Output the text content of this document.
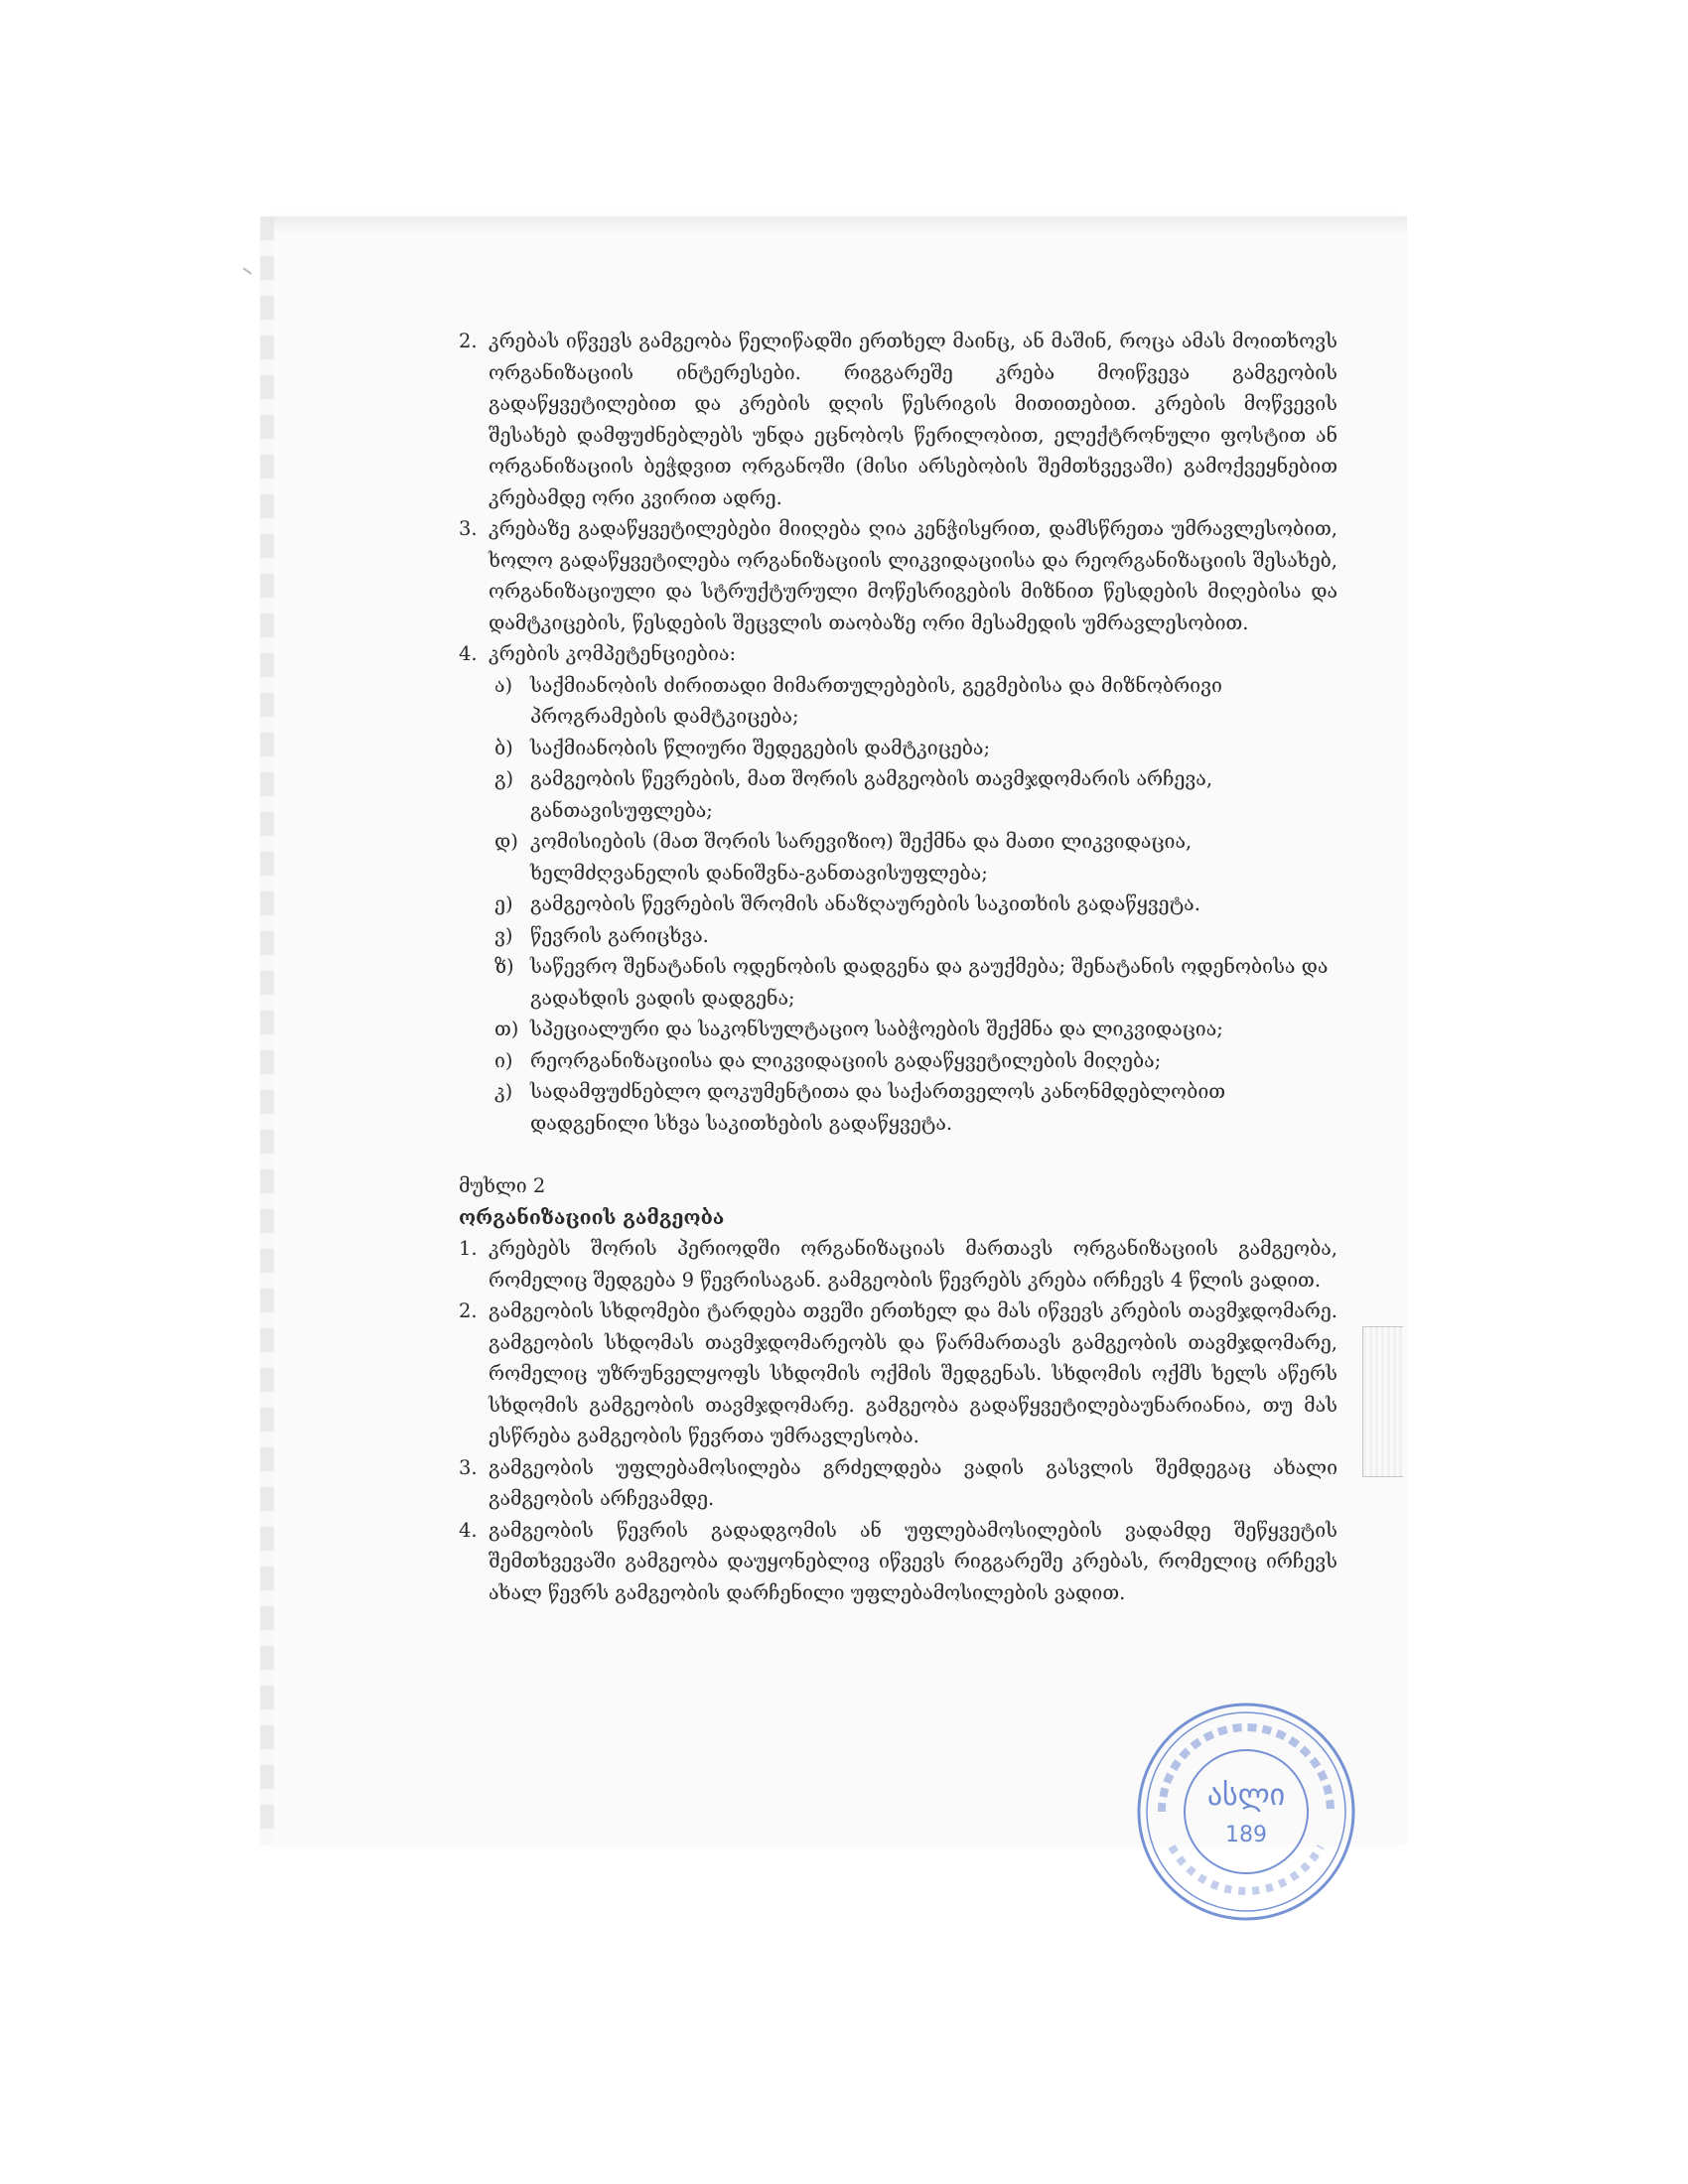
2. კრებას იწვევს გამგეობა წელიწადში ერთხელ მაინც, ან მაშინ, როცა ამას მოითხოვს ორგანიზაციის ინტერესები. რიგგარეშე კრება მოიწვევა გამგეობის გადაწყვეტილებით და კრების დღის წესრიგის მითითებით. კრების მოწვევის შესახებ დამფუძნებლებს უნდა ეცნობოს წერილობით, ელექტრონული ფოსტით ან ორგანიზაციის ბეჭდვით ორგანოში (მისი არსებობის შემთხვევაში) გამოქვეყნებით კრებამდე ორი კვირით ადრე.
3. კრებაზე გადაწყვეტილებები მიიღება ღია კენჭისყრით, დამსწრეთა უმრავლესობით, ხოლო გადაწყვეტილება ორგანიზაციის ლიკვიდაციისა და რეორგანიზაციის შესახებ, ორგანიზაციული და სტრუქტურული მოწესრიგების მიზნით წესდების მიღებისა და დამტკიცების, წესდების შეცვლის თაობაზე ორი მესამედის უმრავლესობით.
4. კრების კომპეტენციებია:
ა) საქმიანობის ძირითადი მიმართულებების, გეგმებისა და მიზნობრივი პროგრამების დამტკიცება;
ბ) საქმიანობის წლიური შედეგების დამტკიცება;
გ) გამგეობის წევრების, მათ შორის გამგეობის თავმჯდომარის არჩევა, განთავისუფლება;
დ) კომისიების (მათ შორის სარევიზიო) შექმნა და მათი ლიკვიდაცია, ხელმძღვანელის დანიშვნა-განთავისუფლება;
ე) გამგეობის წევრების შრომის ანაზღაურების საკითხის გადაწყვეტა.
ვ) წევრის გარიცხვა.
ზ) საწევრო შენატანის ოდენობის დადგენა და გაუქმება; შენატანის ოდენობისა და გადახდის ვადის დადგენა;
თ) სპეციალური და საკონსულტაციო საბჭოების შექმნა და ლიკვიდაცია;
ი) რეორგანიზაციისა და ლიკვიდაციის გადაწყვეტილების მიღება;
კ) სადამფუძნებლო დოკუმენტითა და საქართველოს კანონმდებლობით დადგენილი სხვა საკითხების გადაწყვეტა.
მუხლი 2
ორგანიზაციის გამგეობა
1. კრებებს შორის პერიოდში ორგანიზაციას მართავს ორგანიზაციის გამგეობა, რომელიც შედგება 9 წევრისაგან. გამგეობის წევრებს კრება ირჩევს 4 წლის ვადით.
2. გამგეობის სხდომები ტარდება თვეში ერთხელ და მას იწვევს კრების თავმჯდომარე. გამგეობის სხდომას თავმჯდომარეობს და წარმართავს გამგეობის თავმჯდომარე, რომელიც უზრუნველყოფს სხდომის ოქმის შედგენას. სხდომის ოქმს ხელს აწერს სხდომის გამგეობის თავმჯდომარე. გამგეობა გადაწყვეტილებაუნარიანია, თუ მას ესწრება გამგეობის წევრთა უმრავლესობა.
3. გამგეობის უფლებამოსილება გრძელდება ვადის გასვლის შემდეგაც ახალი გამგეობის არჩევამდე.
4. გამგეობის წევრის გადადგომის ან უფლებამოსილების ვადამდე შეწყვეტის შემთხვევაში გამგეობა დაუყონებლივ იწვევს რიგგარეშე კრებას, რომელიც ირჩევს ახალ წევრს გამგეობის დარჩენილი უფლებამოსილების ვადით.
ასლი
189
